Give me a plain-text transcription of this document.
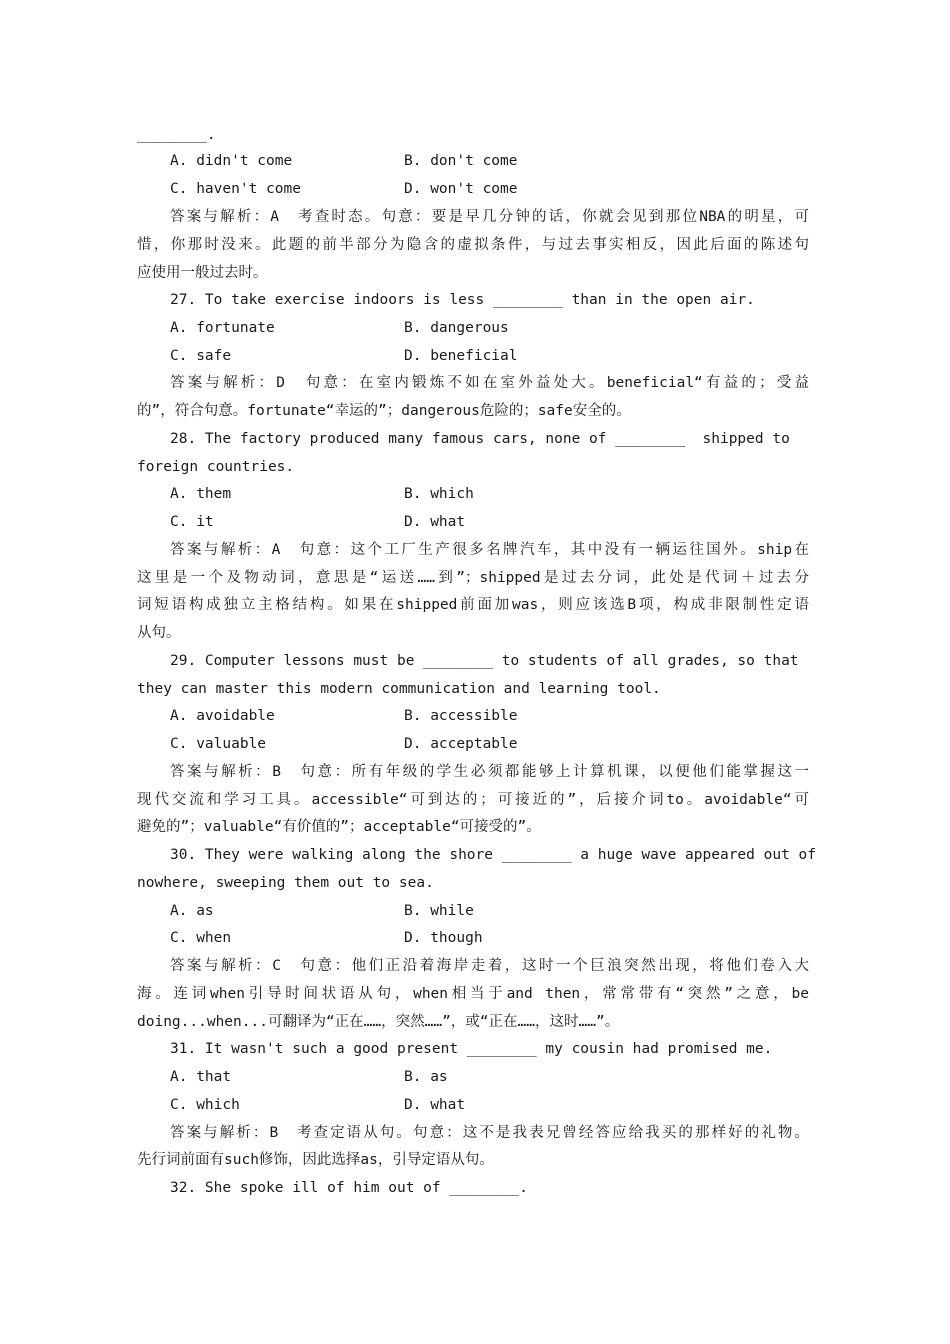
________.
A. didn't come	B. don't come
C. haven't come	D. won't come
答案与解析：A　考查时态。句意：要是早几分钟的话，你就会见到那位NBA的明星，可
惜，你那时没来。此题的前半部分为隐含的虚拟条件，与过去事实相反，因此后面的陈述句
应使用一般过去时。
27. To take exercise indoors is less ________ than in the open air.
A. fortunate	B. dangerous
C. safe	D. beneficial
答案与解析：D　句意：在室内锻炼不如在室外益处大。beneficial“有益的；受益
的”，符合句意。fortunate“幸运的”；dangerous危险的；safe安全的。
28. The factory produced many famous cars, none of ________  shipped to
foreign countries.
A. them	B. which
C. it	D. what
答案与解析：A　句意：这个工厂生产很多名牌汽车，其中没有一辆运往国外。ship在
这里是一个及物动词，意思是“运送……到”；shipped是过去分词，此处是代词＋过去分
词短语构成独立主格结构。如果在shipped前面加was，则应该选B项，构成非限制性定语
从句。
29. Computer lessons must be ________ to students of all grades, so that
they can master this modern communication and learning tool.
A. avoidable	B. accessible
C. valuable	D. acceptable
答案与解析：B　句意：所有年级的学生必须都能够上计算机课，以便他们能掌握这一
现代交流和学习工具。accessible“可到达的；可接近的”，后接介词to。avoidable“可
避免的”；valuable“有价值的”；acceptable“可接受的”。
30. They were walking along the shore ________ a huge wave appeared out of
nowhere, sweeping them out to sea.
A. as	B. while
C. when	D. though
答案与解析：C　句意：他们正沿着海岸走着，这时一个巨浪突然出现，将他们卷入大
海。连词when引导时间状语从句，when相当于and then，常常带有“突然”之意，be
doing...when...可翻译为“正在……，突然……”，或“正在……，这时……”。
31. It wasn't such a good present ________ my cousin had promised me.
A. that	B. as
C. which	D. what
答案与解析：B　考查定语从句。句意：这不是我表兄曾经答应给我买的那样好的礼物。
先行词前面有such修饰，因此选择as，引导定语从句。
32. She spoke ill of him out of ________.
